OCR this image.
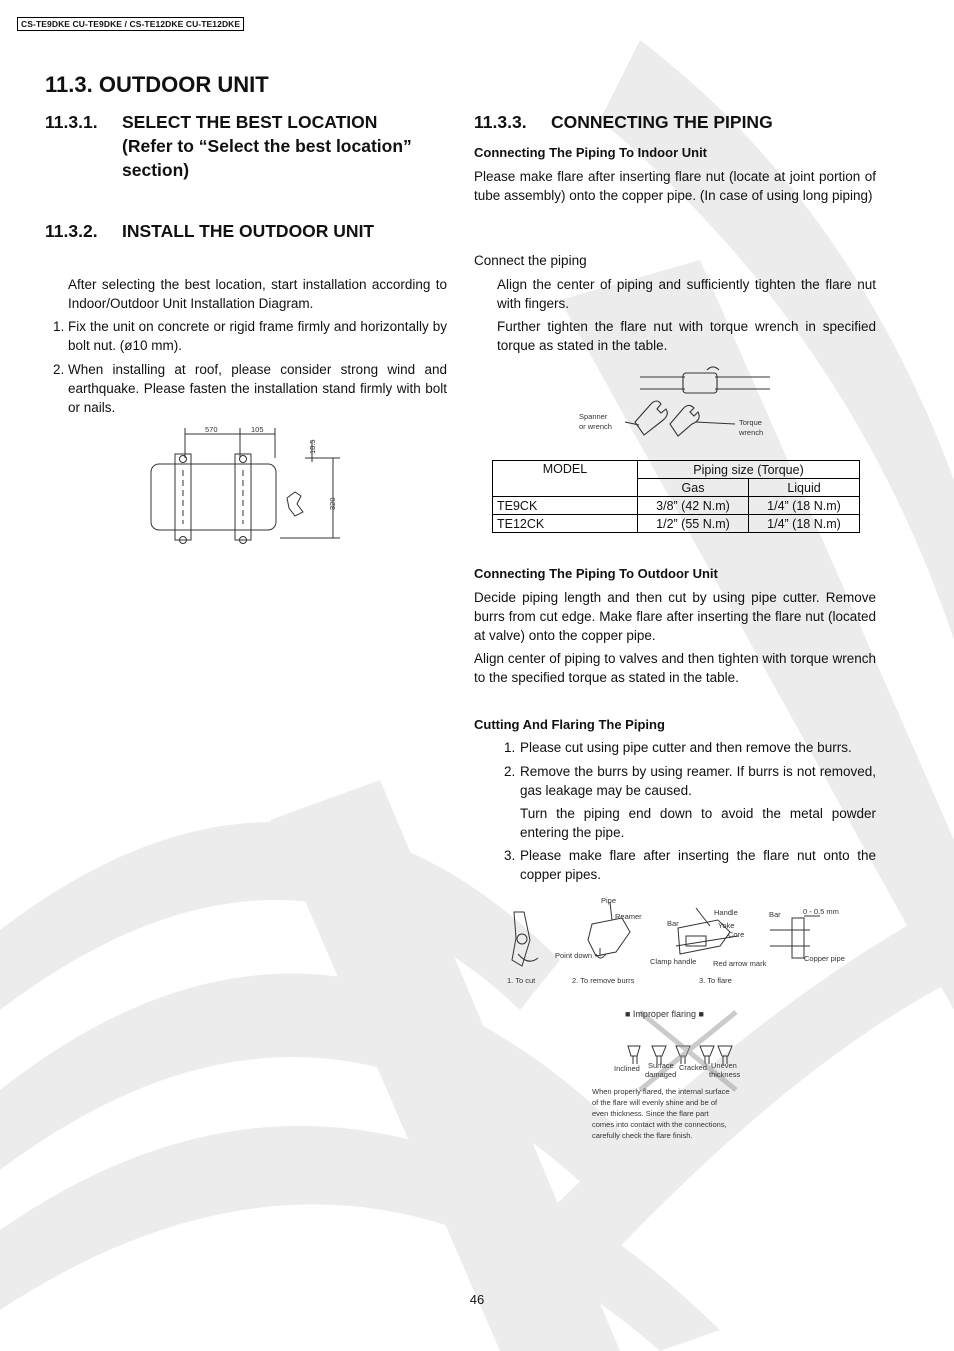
CS-TE9DKE CU-TE9DKE / CS-TE12DKE CU-TE12DKE
11.3. OUTDOOR UNIT
11.3.1. SELECT THE BEST LOCATION
(Refer to “Select the best location”
section)
11.3.2. INSTALL THE OUTDOOR UNIT

After selecting the best location, start installation according to Indoor/Outdoor Unit Installation Diagram.

1. Fix the unit on concrete or rigid frame firmly and horizontally by bolt nut. (ø10 mm).
2. When installing at roof, please consider strong wind and earthquake. Please fasten the installation stand firmly with bolt or nails.
570	105
18.5
320
11.3.3. CONNECTING THE PIPING
Connecting The Piping To Indoor Unit

Please make flare after inserting flare nut (locate at joint portion of tube assembly) onto the copper pipe. (In case of using long piping)

Connect the piping

Align the center of piping and sufficiently tighten the flare nut with fingers.

Further tighten the flare nut with torque wrench in specified torque as stated in the table.

Spanner
or wrench	Torque
wrench
MODEL	Piping size (Torque)	
	Gas	Liquid
TE9CK	3/8” (42 N.m)	1/4” (18 N.m)
TE12CK	1/2” (55 N.m)	1/4” (18 N.m)
Connecting The Piping To Outdoor Unit

Decide piping length and then cut by using pipe cutter. Remove burrs from cut edge. Make flare after inserting the flare nut (located at valve) onto the copper pipe.

Align center of piping to valves and then tighten with torque wrench to the specified torque as stated in the table.

Cutting And Flaring The Piping
1. Please cut using pipe cutter and then remove the burrs.
2. Remove the burrs by using reamer. If burrs is not removed, gas leakage may be caused.
Turn the piping end down to avoid the metal powder entering the pipe.
3. Please make flare after inserting the flare nut onto the copper pipes.
Pipe
Reamer
Point down
Bar
Handle
Yoke
Core
Clamp handle Red arrow mark
Bar	0 - 0.5 mm
Copper pipe
1. To cut	2. To remove burrs	3. To flare
■ Improper flaring ■
Inclined Surface
damaged
Cracked Uneven
thickness
When properly flared, the internal surface
of the flare will evenly shine and be of
even thickness. Since the flare part
comes into contact with the connections,
carefully check the flare finish.
46
